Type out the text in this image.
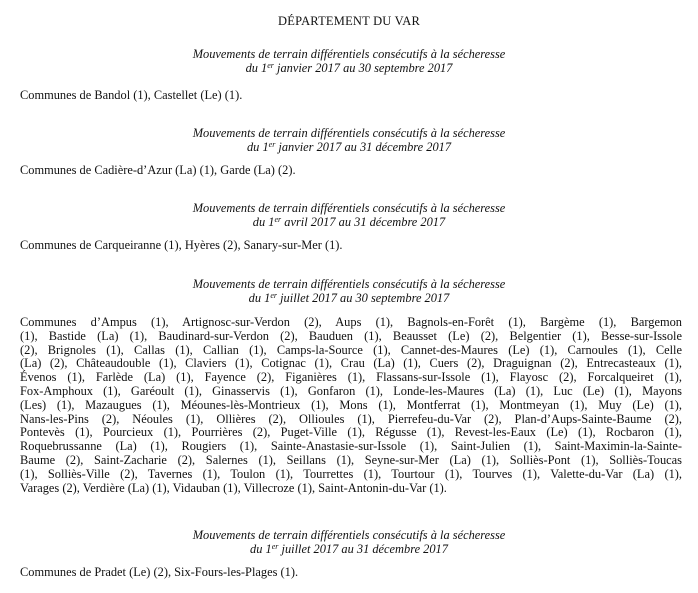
DÉPARTEMENT DU VAR
Mouvements de terrain différentiels consécutifs à la sécheresse
du 1er janvier 2017 au 30 septembre 2017
Communes de Bandol (1), Castellet (Le) (1).
Mouvements de terrain différentiels consécutifs à la sécheresse
du 1er janvier 2017 au 31 décembre 2017
Communes de Cadière-d’Azur (La) (1), Garde (La) (2).
Mouvements de terrain différentiels consécutifs à la sécheresse
du 1er avril 2017 au 31 décembre 2017
Communes de Carqueiranne (1), Hyères (2), Sanary-sur-Mer (1).
Mouvements de terrain différentiels consécutifs à la sécheresse
du 1er juillet 2017 au 30 septembre 2017
Communes d’Ampus (1), Artignosc-sur-Verdon (2), Aups (1), Bagnols-en-Forêt (1), Bargème (1), Bargemon
(1), Bastide (La) (1), Baudinard-sur-Verdon (2), Bauduen (1), Beausset (Le) (2), Belgentier (1), Besse-sur-Issole
(2), Brignoles (1), Callas (1), Callian (1), Camps-la-Source (1), Cannet-des-Maures (Le) (1), Carnoules (1), Celle
(La) (2), Châteaudouble (1), Claviers (1), Cotignac (1), Crau (La) (1), Cuers (2), Draguignan (2), Entrecasteaux (1),
Évenos (1), Farlède (La) (1), Fayence (2), Figanières (1), Flassans-sur-Issole (1), Flayosc (2), Forcalqueiret (1),
Fox-Amphoux (1), Garéoult (1), Ginasservis (1), Gonfaron (1), Londe-les-Maures (La) (1), Luc (Le) (1), Mayons
(Les) (1), Mazaugues (1), Méounes-lès-Montrieux (1), Mons (1), Montferrat (1), Montmeyan (1), Muy (Le) (1),
Nans-les-Pins (2), Néoules (1), Ollières (2), Ollioules (1), Pierrefeu-du-Var (2), Plan-d’Aups-Sainte-Baume (2),
Pontevès (1), Pourcieux (1), Pourrières (2), Puget-Ville (1), Régusse (1), Revest-les-Eaux (Le) (1), Rocbaron (1),
Roquebrussanne (La) (1), Rougiers (1), Sainte-Anastasie-sur-Issole (1), Saint-Julien (1), Saint-Maximin-la-Sainte-
Baume (2), Saint-Zacharie (2), Salernes (1), Seillans (1), Seyne-sur-Mer (La) (1), Solliès-Pont (1), Solliès-Toucas
(1), Solliès-Ville (2), Tavernes (1), Toulon (1), Tourrettes (1), Tourtour (1), Tourves (1), Valette-du-Var (La) (1),
Varages (2), Verdière (La) (1), Vidauban (1), Villecroze (1), Saint-Antonin-du-Var (1).
Mouvements de terrain différentiels consécutifs à la sécheresse
du 1er juillet 2017 au 31 décembre 2017
Communes de Pradet (Le) (2), Six-Fours-les-Plages (1).
